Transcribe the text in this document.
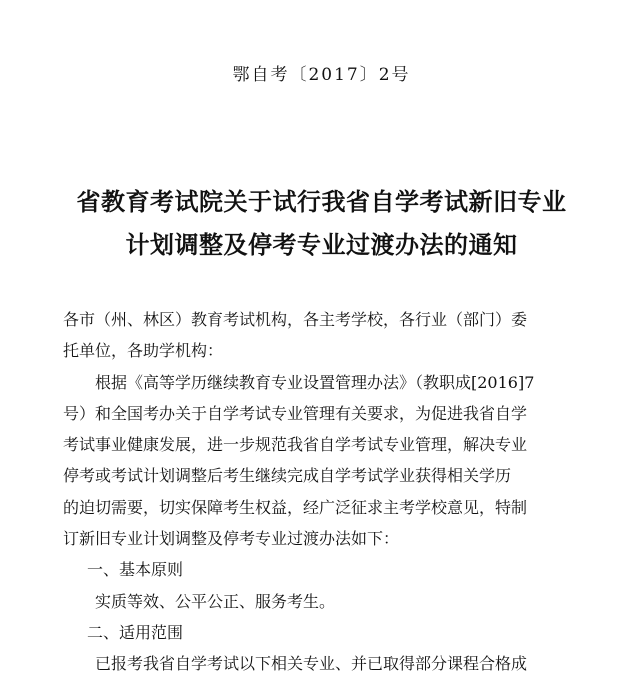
鄂自考〔2017〕2号
省教育考试院关于试行我省自学考试新旧专业
计划调整及停考专业过渡办法的通知

各市（州、林区）教育考试机构，各主考学校，各行业（部门）委
托单位，各助学机构：

根据《高等学历继续教育专业设置管理办法》（教职成[2016]7
号）和全国考办关于自学考试专业管理有关要求，为促进我省自学
考试事业健康发展，进一步规范我省自学考试专业管理，解决专业
停考或考试计划调整后考生继续完成自学考试学业获得相关学历
的迫切需要，切实保障考生权益，经广泛征求主考学校意见，特制
订新旧专业计划调整及停考专业过渡办法如下：

一、基本原则

实质等效、公平公正、服务考生。

二、适用范围

已报考我省自学考试以下相关专业、并已取得部分课程合格成
